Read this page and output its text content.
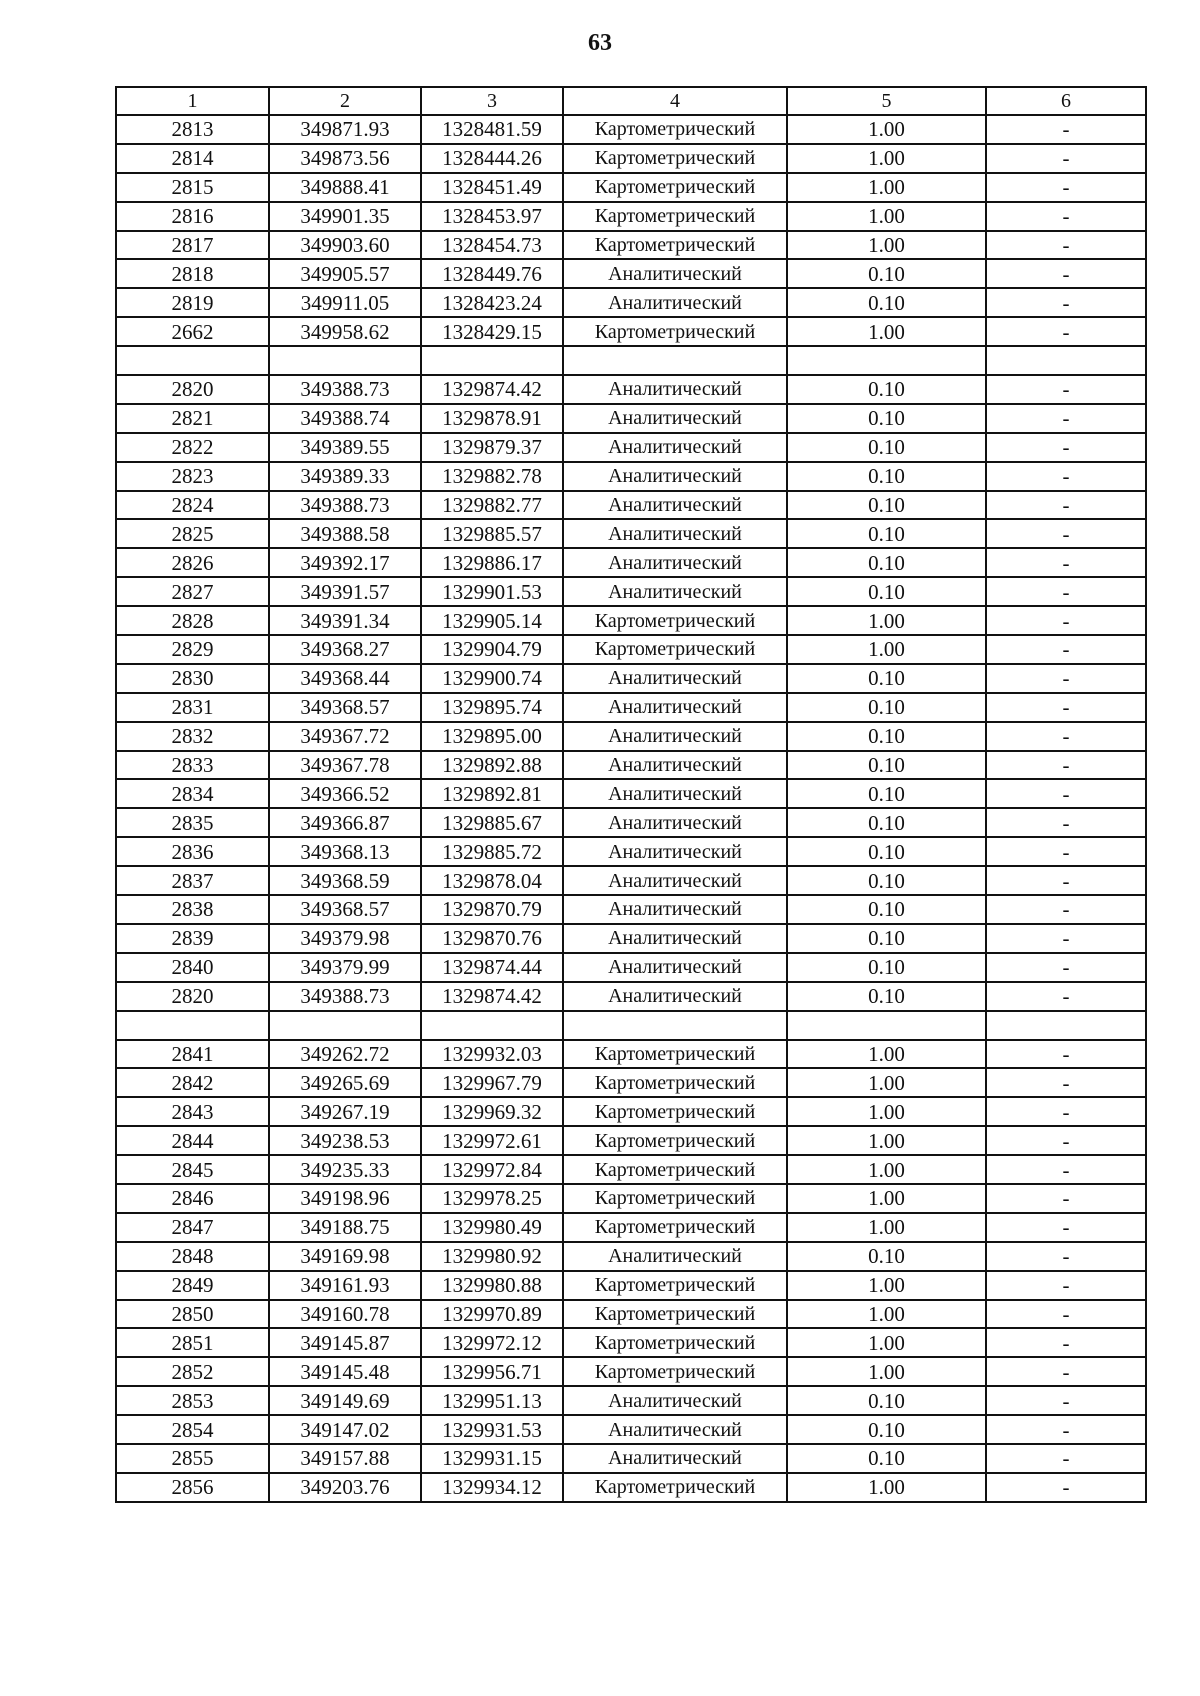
63
1	2	3	4	5	6
2813	349871.93	1328481.59	Картометрический	1.00	-
2814	349873.56	1328444.26	Картометрический	1.00	-
2815	349888.41	1328451.49	Картометрический	1.00	-
2816	349901.35	1328453.97	Картометрический	1.00	-
2817	349903.60	1328454.73	Картометрический	1.00	-
2818	349905.57	1328449.76	Аналитический	0.10	-
2819	349911.05	1328423.24	Аналитический	0.10	-
2662	349958.62	1328429.15	Картометрический	1.00	-

2820	349388.73	1329874.42	Аналитический	0.10	-
2821	349388.74	1329878.91	Аналитический	0.10	-
2822	349389.55	1329879.37	Аналитический	0.10	-
2823	349389.33	1329882.78	Аналитический	0.10	-
2824	349388.73	1329882.77	Аналитический	0.10	-
2825	349388.58	1329885.57	Аналитический	0.10	-
2826	349392.17	1329886.17	Аналитический	0.10	-
2827	349391.57	1329901.53	Аналитический	0.10	-
2828	349391.34	1329905.14	Картометрический	1.00	-
2829	349368.27	1329904.79	Картометрический	1.00	-
2830	349368.44	1329900.74	Аналитический	0.10	-
2831	349368.57	1329895.74	Аналитический	0.10	-
2832	349367.72	1329895.00	Аналитический	0.10	-
2833	349367.78	1329892.88	Аналитический	0.10	-
2834	349366.52	1329892.81	Аналитический	0.10	-
2835	349366.87	1329885.67	Аналитический	0.10	-
2836	349368.13	1329885.72	Аналитический	0.10	-
2837	349368.59	1329878.04	Аналитический	0.10	-
2838	349368.57	1329870.79	Аналитический	0.10	-
2839	349379.98	1329870.76	Аналитический	0.10	-
2840	349379.99	1329874.44	Аналитический	0.10	-
2820	349388.73	1329874.42	Аналитический	0.10	-

2841	349262.72	1329932.03	Картометрический	1.00	-
2842	349265.69	1329967.79	Картометрический	1.00	-
2843	349267.19	1329969.32	Картометрический	1.00	-
2844	349238.53	1329972.61	Картометрический	1.00	-
2845	349235.33	1329972.84	Картометрический	1.00	-
2846	349198.96	1329978.25	Картометрический	1.00	-
2847	349188.75	1329980.49	Картометрический	1.00	-
2848	349169.98	1329980.92	Аналитический	0.10	-
2849	349161.93	1329980.88	Картометрический	1.00	-
2850	349160.78	1329970.89	Картометрический	1.00	-
2851	349145.87	1329972.12	Картометрический	1.00	-
2852	349145.48	1329956.71	Картометрический	1.00	-
2853	349149.69	1329951.13	Аналитический	0.10	-
2854	349147.02	1329931.53	Аналитический	0.10	-
2855	349157.88	1329931.15	Аналитический	0.10	-
2856	349203.76	1329934.12	Картометрический	1.00	-
